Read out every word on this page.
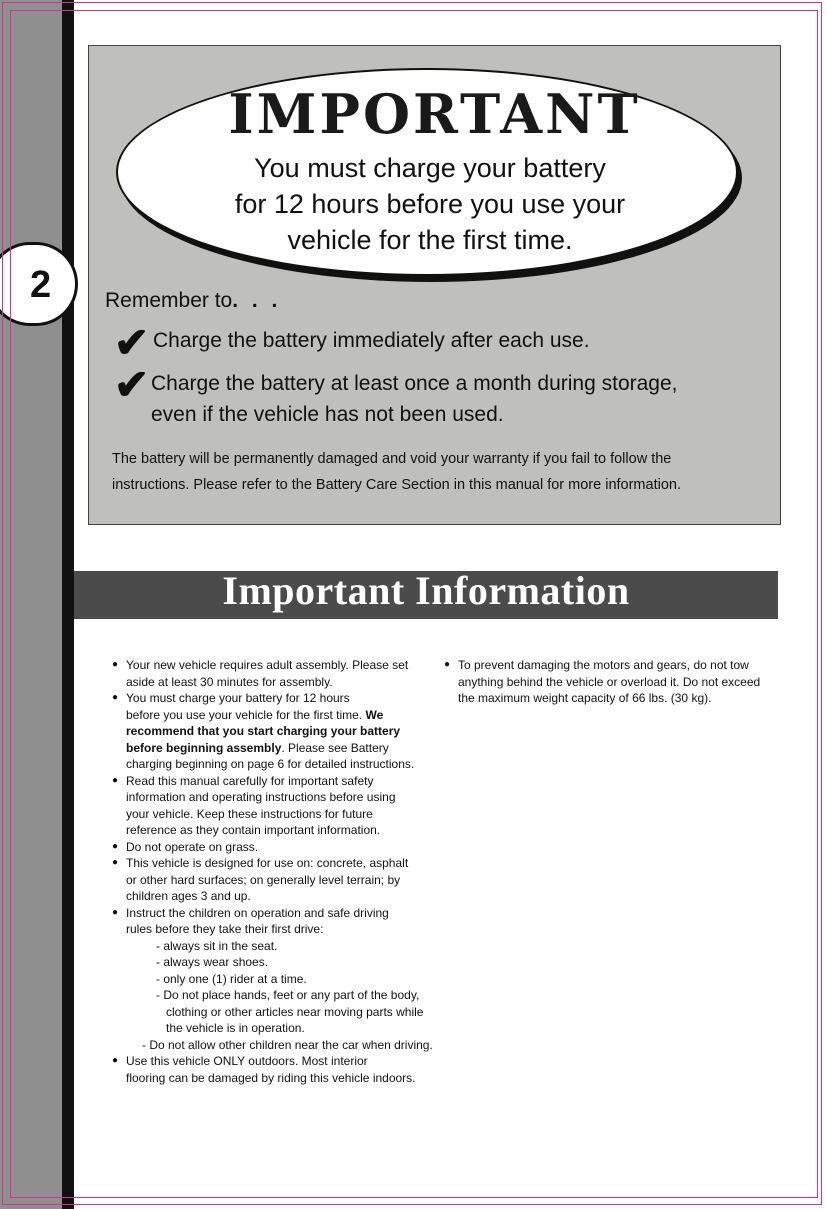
2
IMPORTANT
You must charge your battery
for 12 hours before you use your
vehicle for the first time.
Remember to. . .
✔ Charge the battery immediately after each use.
✔ Charge the battery at least once a month during storage,
even if the vehicle has not been used.
The battery will be permanently damaged and void your warranty if you fail to follow the
instructions. Please refer to the Battery Care Section in this manual for more information.
Important Information
● Your new vehicle requires adult assembly. Please set
aside at least 30 minutes for assembly.
● You must charge your battery for 12 hours
before you use your vehicle for the first time. We
recommend that you start charging your battery
before beginning assembly. Please see Battery
charging beginning on page 6 for detailed instructions.
● Read this manual carefully for important safety
information and operating instructions before using
your vehicle. Keep these instructions for future
reference as they contain important information.
● Do not operate on grass.
● This vehicle is designed for use on: concrete, asphalt
or other hard surfaces; on generally level terrain; by
children ages 3 and up.
● Instruct the children on operation and safe driving
rules before they take their first drive:
- always sit in the seat.
- always wear shoes.
- only one (1) rider at a time.
- Do not place hands, feet or any part of the body,
clothing or other articles near moving parts while
the vehicle is in operation.
- Do not allow other children near the car when driving.
● Use this vehicle ONLY outdoors. Most interior
flooring can be damaged by riding this vehicle indoors.
● To prevent damaging the motors and gears, do not tow
anything behind the vehicle or overload it. Do not exceed
the maximum weight capacity of 66 lbs. (30 kg).
